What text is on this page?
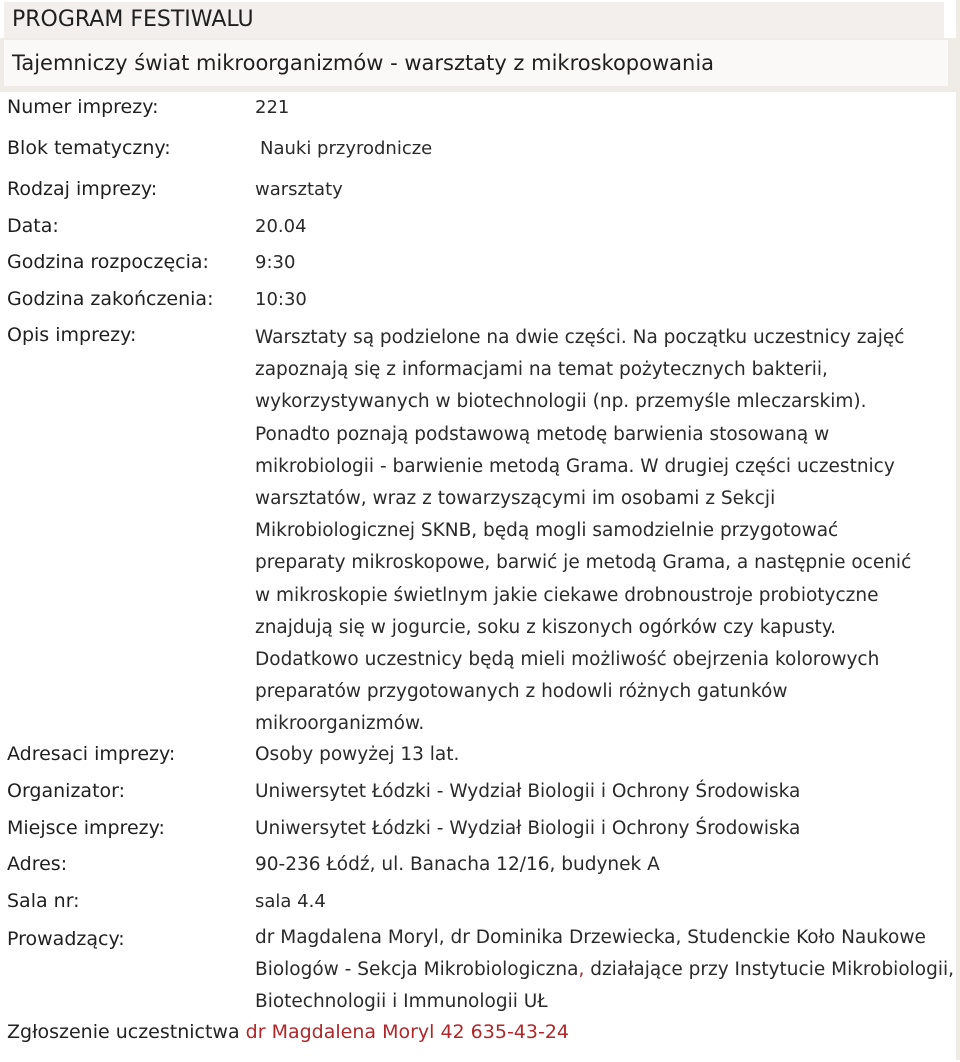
PROGRAM FESTIWALU
Tajemniczy świat mikroorganizmów - warsztaty z mikroskopowania
Numer imprezy:	221
Blok tematyczny:	Nauki przyrodnicze
Rodzaj imprezy:	warsztaty
Data:	20.04
Godzina rozpoczęcia:	9:30
Godzina zakończenia: 10:30
Opis imprezy:	Warsztaty są podzielone na dwie części. Na początku uczestnicy zajęć
zapoznają się z informacjami na temat pożytecznych bakterii,
wykorzystywanych w biotechnologii (np. przemyśle mleczarskim).
Ponadto poznają podstawową metodę barwienia stosowaną w
mikrobiologii - barwienie metodą Grama. W drugiej części uczestnicy
warsztatów, wraz z towarzyszącymi im osobami z Sekcji
Mikrobiologicznej SKNB, będą mogli samodzielnie przygotować
preparaty mikroskopowe, barwić je metodą Grama, a następnie ocenić
w mikroskopie świetlnym jakie ciekawe drobnoustroje probiotyczne
znajdują się w jogurcie, soku z kiszonych ogórków czy kapusty.
Dodatkowo uczestnicy będą mieli możliwość obejrzenia kolorowych
preparatów przygotowanych z hodowli różnych gatunków
mikroorganizmów.
Adresaci imprezy:	Osoby powyżej 13 lat.
Organizator:	Uniwersytet Łódzki - Wydział Biologii i Ochrony Środowiska
Miejsce imprezy:	Uniwersytet Łódzki - Wydział Biologii i Ochrony Środowiska
Adres:	90-236 Łódź, ul. Banacha 12/16, budynek A
Sala nr:	sala 4.4
Prowadzący:	dr Magdalena Moryl, dr Dominika Drzewiecka, Studenckie Koło Naukowe Biologów - Sekcja Mikrobiologiczna, działające przy Instytucie Mikrobiologii, Biotechnologii i Immunologii UŁ
Zgłoszenie uczestnictwa dr Magdalena Moryl 42 635-43-24
